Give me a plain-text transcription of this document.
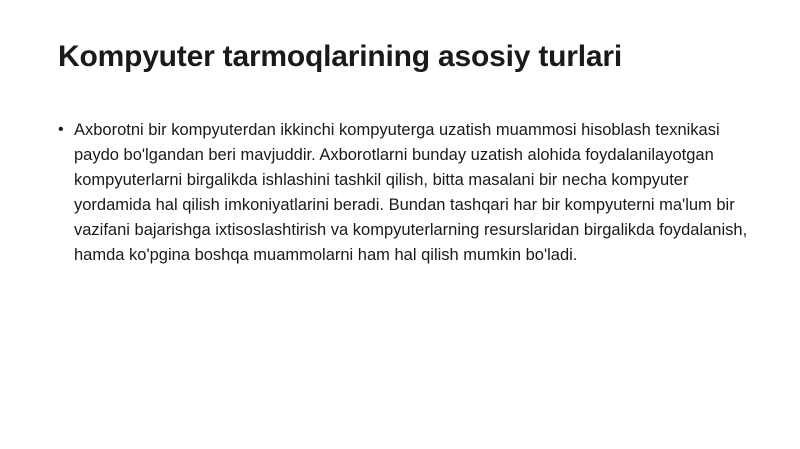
Kompyuter tarmoqlarining asosiy turlari
• Axborotni bir kompyuterdan ikkinchi kompyuterga uzatish muammosi hisoblash texnikasi paydo bo'lgandan beri mavjuddir. Axborotlarni bunday uzatish alohida foydalanilayotgan kompyuterlarni birgalikda ishlashini tashkil qilish, bitta masalani bir necha kompyuter yordamida hal qilish imkoniyatlarini beradi. Bundan tashqari har bir kompyuterni ma'lum bir vazifani bajarishga ixtisoslashtirish va kompyuterlarning resurslaridan birgalikda foydalanish, hamda ko'pgina boshqa muammolarni ham hal qilish mumkin bo'ladi.
